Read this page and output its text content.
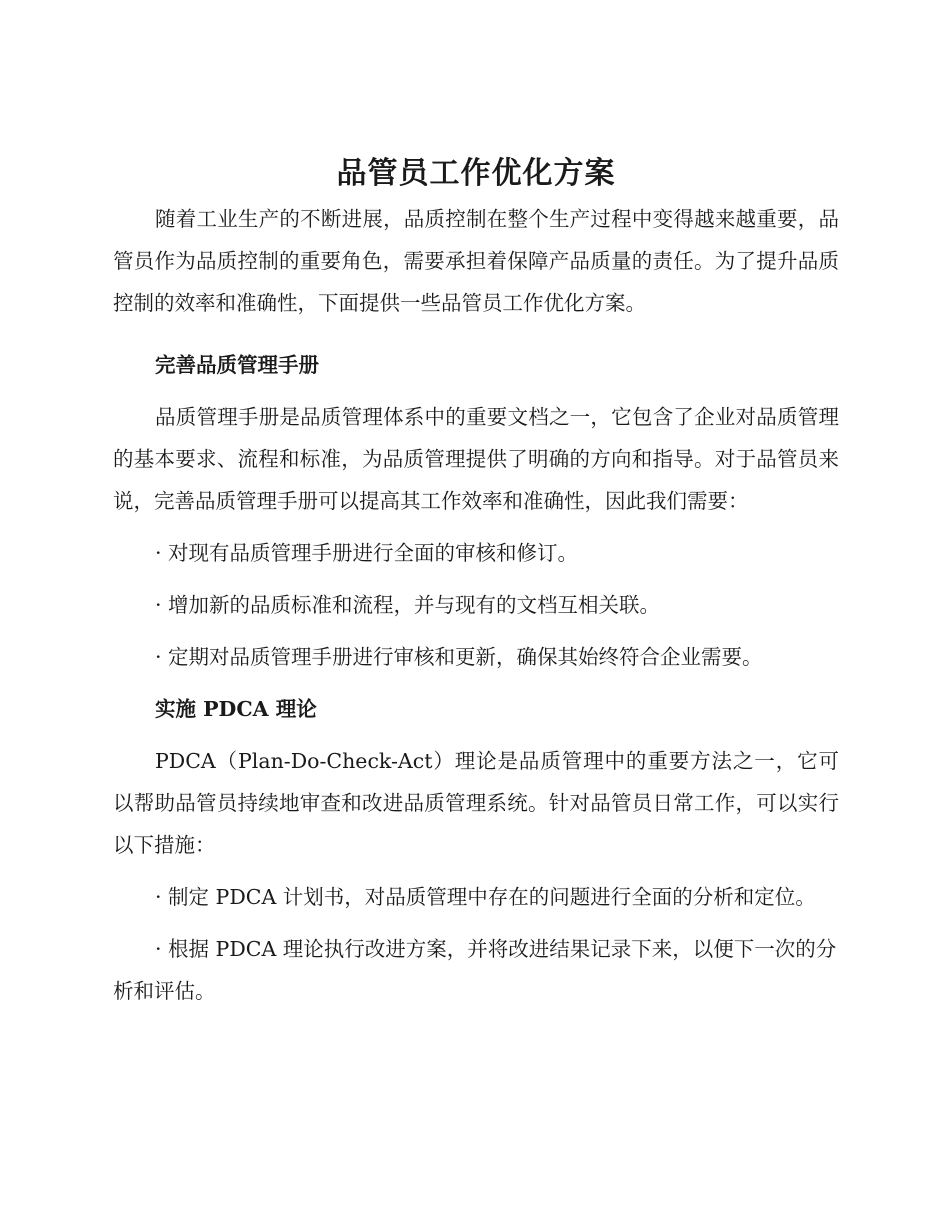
品管员工作优化方案

随着工业生产的不断进展，品质控制在整个生产过程中变得越来越重要，品管员作为品质控制的重要角色，需要承担着保障产品质量的责任。为了提升品质控制的效率和准确性，下面提供一些品管员工作优化方案。

完善品质管理手册

品质管理手册是品质管理体系中的重要文档之一，它包含了企业对品质管理的基本要求、流程和标准，为品质管理提供了明确的方向和指导。对于品管员来说，完善品质管理手册可以提高其工作效率和准确性，因此我们需要：

· 对现有品质管理手册进行全面的审核和修订。

· 增加新的品质标准和流程，并与现有的文档互相关联。

· 定期对品质管理手册进行审核和更新，确保其始终符合企业需要。

实施 PDCA 理论

PDCA（Plan-Do-Check-Act）理论是品质管理中的重要方法之一，它可以帮助品管员持续地审查和改进品质管理系统。针对品管员日常工作，可以实行以下措施：

· 制定 PDCA 计划书，对品质管理中存在的问题进行全面的分析和定位。

· 根据 PDCA 理论执行改进方案，并将改进结果记录下来，以便下一次的分析和评估。
